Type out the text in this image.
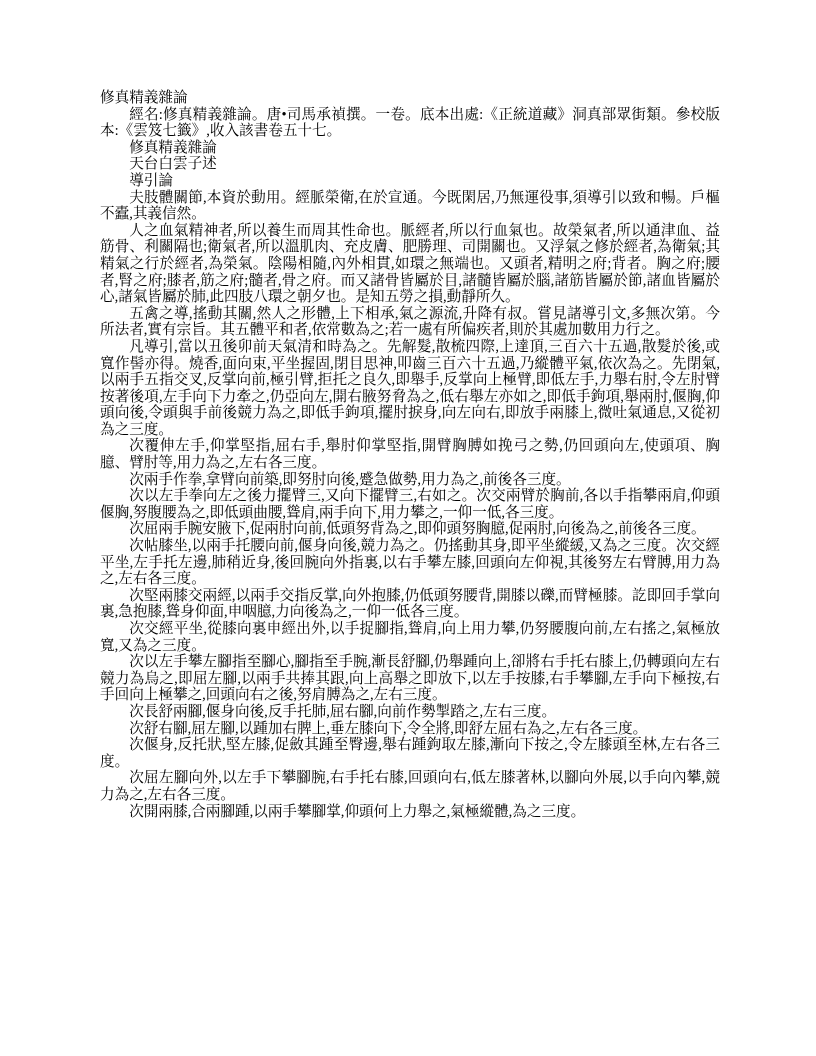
修真精義雜論

經名:修真精義雜論。唐•司馬承禎撰。一卷。底本出處:《正統道藏》洞真部眾街類。參校版本:《雲笈七籤》,收入該書卷五十七。

修真精義雜論

天台白雲子述

導引論

夫肢體關節,本資於動用。經脈榮衛,在於宣通。今既閑居,乃無運役事,須導引以致和暢。戶樞不蠹,其義信然。

人之血氣精神者,所以養生而周其性命也。脈經者,所以行血氣也。故榮氣者,所以通津血、益筋骨、利關隔也;衛氣者,所以溫肌肉、充皮膚、肥勝理、司開關也。又浮氣之修於經者,為衛氣;其精氣之行於經者,為榮氣。陰陽相隨,內外相貫,如環之無端也。又頭者,精明之府;背者。胸之府;腰者,腎之府;膝者,筋之府;髓者,骨之府。而又諸骨皆屬於目,諸髓皆屬於腦,諸筋皆屬於節,諸血皆屬於心,諸氣皆屬於肺,此四肢八環之朝夕也。是知五勞之損,動靜所久。

五禽之導,搖動其關,然人之形體,上下相承,氣之源流,升降有叔。嘗見諸導引文,多無次第。今所法者,實有宗旨。其五體平和者,依常數為之;若一處有所偏疾者,則於其處加數用力行之。

凡導引,當以丑後卯前天氣清和時為之。先解髮,散梳四際,上達頂,三百六十五過,散髮於後,或寬作髻亦得。燒香,面向束,平坐握固,閉目思神,叩齒三百六十五過,乃縱體平氣,依次為之。先閉氣,以兩手五指交叉,反掌向前,極引臂,拒托之良久,即舉手,反掌向上極臂,即低左手,力舉右肘,令左肘臂按著後項,左手向下力牽之,仍亞向左,開右腋努脅為之,低右舉左亦如之,即低手鉤項,舉兩肘,偃胸,仰頭向後,令頭與手前後競力為之,即低手鉤項,擺肘捩身,向左向右,即放手兩膝上,微吐氣通息,又從初為之三度。

次覆伸左手,仰掌堅指,屈右手,舉肘仰掌堅指,開臂胸膊如挽弓之勢,仍回頭向左,使頭項、胸臆、臂肘等,用力為之,左右各三度。

次兩手作拳,拿臂向前築,即努肘向後,蹙急做勢,用力為之,前後各三度。

次以左手拳向左之後力擺臂三,又向下擺臂三,右如之。次交兩臂於胸前,各以手指攀兩肩,仰頭偃胸,努腹腰為之,即低頭曲腰,聳肩,兩手向下,用力攀之,一仰一低,各三度。

次屈兩手腕安腋下,促兩肘向前,低頭努背為之,即仰頭努胸臆,促兩肘,向後為之,前後各三度。

次帖膝坐,以兩手托腰向前,偃身向後,競力為之。仍搖動其身,即平坐縱緩,又為之三度。次交經平坐,左手托左邊,肺稍近身,後回腕向外指裏,以右手攀左膝,回頭向左仰視,其後努左右臂膊,用力為之,左右各三度。

次堅兩膝交兩經,以兩手交指反掌,向外抱膝,仍低頭努腰背,開膝以礫,而臂極膝。訖即回手掌向裏,急抱膝,聳身仰面,申咽臆,力向後為之,一仰一低各三度。

次交經平坐,從膝向裏申經出外,以手捉腳指,聳肩,向上用力攀,仍努腰腹向前,左右搖之,氣極放寬,又為之三度。

次以左手攀左腳指至腳心,腳指至手腕,漸長舒腳,仍舉踵向上,卻將右手托右膝上,仍轉頭向左右競力為烏之,即屈左腳,以兩手共捧其跟,向上高舉之即放下,以左手按膝,右手攀腳,左手向下極按,右手回向上極攀之,回頭向右之後,努肩膊為之,左右三度。

次長舒兩腳,偃身向後,反手托肺,屈右腳,向前作勢掣踏之,左右三度。

次舒右腳,屈左腳,以踵加右脾上,垂左膝向下,令全將,即舒左屈右為之,左右各三度。

次偃身,反托狀,堅左膝,促斂其踵至臀邊,舉右踵鉤取左膝,漸向下按之,令左膝頭至林,左右各三度。

次屈左腳向外,以左手下攀腳腕,右手托右膝,回頭向右,低左膝著林,以腳向外展,以手向內攀,競力為之,左右各三度。

次開兩膝,合兩腳踵,以兩手攀腳掌,仰頭何上力舉之,氣極縱體,為之三度。
